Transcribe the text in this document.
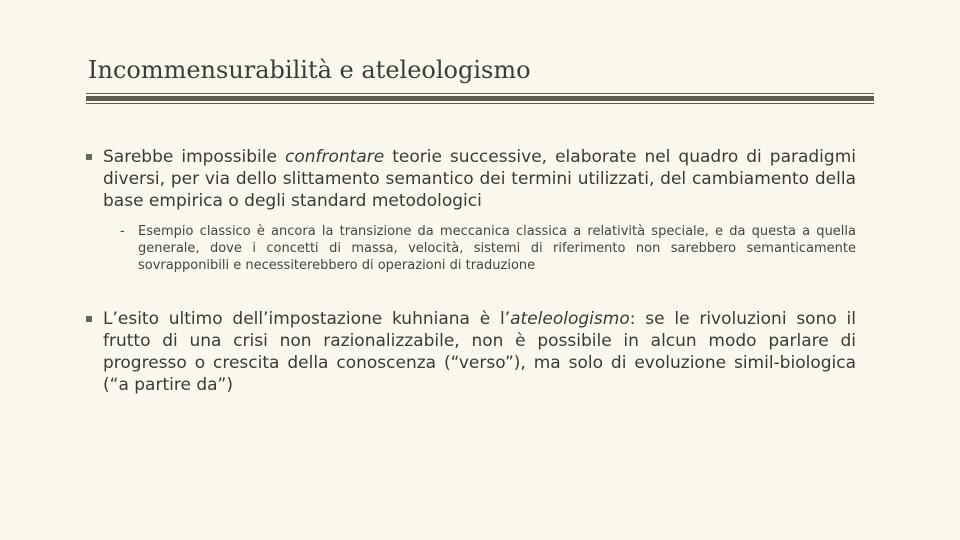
Incommensurabilità e ateleologismo
Sarebbe impossibile confrontare teorie successive, elaborate nel quadro di paradigmi diversi, per via dello slittamento semantico dei termini utilizzati, del cambiamento della base empirica o degli standard metodologici
- Esempio classico è ancora la transizione da meccanica classica a relatività speciale, e da questa a quella generale, dove i concetti di massa, velocità, sistemi di riferimento non sarebbero semanticamente sovrapponibili e necessiterebbero di operazioni di traduzione
L’esito ultimo dell’impostazione kuhniana è l’ateleologismo: se le rivoluzioni sono il frutto di una crisi non razionalizzabile, non è possibile in alcun modo parlare di progresso o crescita della conoscenza (“verso”), ma solo di evoluzione simil-biologica (“a partire da”)
